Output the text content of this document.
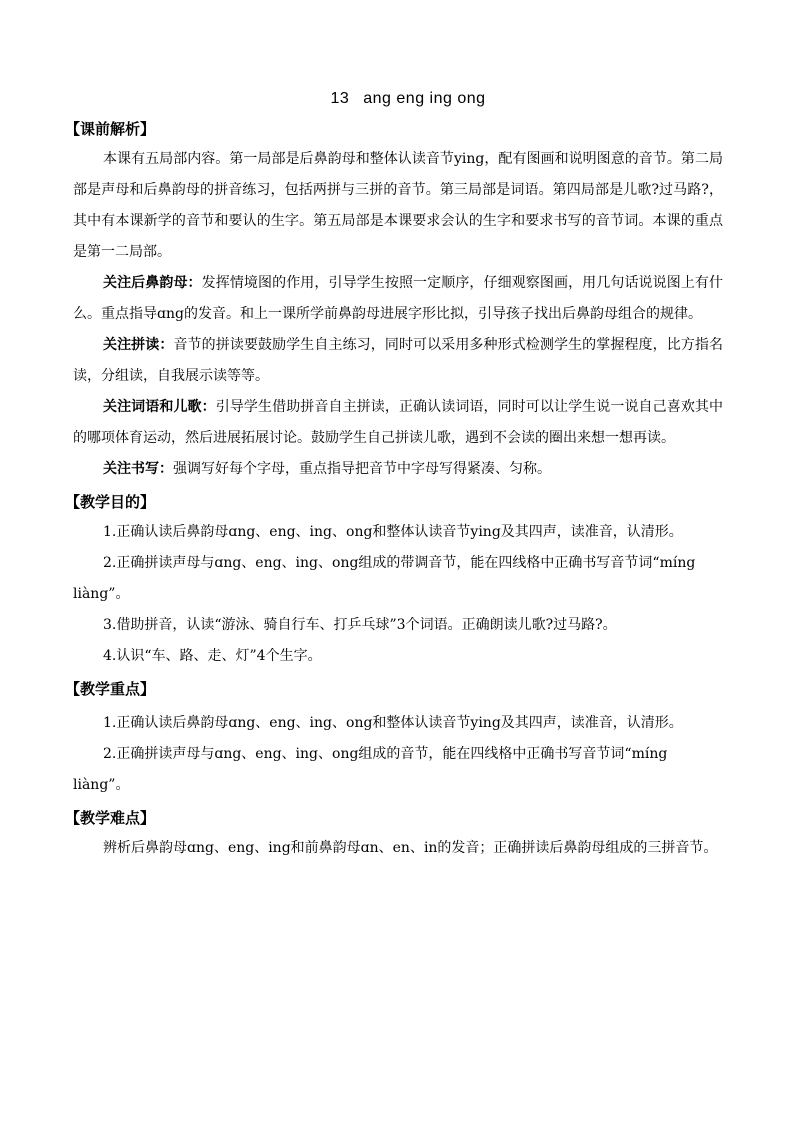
13 ang eng ing ong
【课前解析】

本课有五局部内容。第一局部是后鼻韵母和整体认读音节ying，配有图画和说明图意的音节。第二局部是声母和后鼻韵母的拼音练习，包括两拼与三拼的音节。第三局部是词语。第四局部是儿歌?过马路?，其中有本课新学的音节和要认的生字。第五局部是本课要求会认的生字和要求书写的音节词。本课的重点是第一二局部。

关注后鼻韵母：发挥情境图的作用，引导学生按照一定顺序，仔细观察图画，用几句话说说图上有什么。重点指导ɑng的发音。和上一课所学前鼻韵母进展字形比拟，引导孩子找出后鼻韵母组合的规律。

关注拼读：音节的拼读要鼓励学生自主练习，同时可以采用多种形式检测学生的掌握程度，比方指名读，分组读，自我展示读等等。

关注词语和儿歌：引导学生借助拼音自主拼读，正确认读词语，同时可以让学生说一说自己喜欢其中的哪项体育运动，然后进展拓展讨论。鼓励学生自己拼读儿歌，遇到不会读的圈出来想一想再读。

关注书写：强调写好每个字母，重点指导把音节中字母写得紧凑、匀称。

【教学目的】

1.正确认读后鼻韵母ɑng、eng、ing、ong和整体认读音节ying及其四声，读准音，认清形。

2.正确拼读声母与ɑng、eng、ing、ong组成的带调音节，能在四线格中正确书写音节词“míng liàng”。

3.借助拼音，认读“游泳、骑自行车、打乒乓球”3个词语。正确朗读儿歌?过马路?。

4.认识“车、路、走、灯”4个生字。

【教学重点】

1.正确认读后鼻韵母ɑng、eng、ing、ong和整体认读音节ying及其四声，读准音，认清形。

2.正确拼读声母与ɑng、eng、ing、ong组成的音节，能在四线格中正确书写音节词“míng liàng”。

【教学难点】

辨析后鼻韵母ɑng、eng、ing和前鼻韵母ɑn、en、in的发音；正确拼读后鼻韵母组成的三拼音节。
